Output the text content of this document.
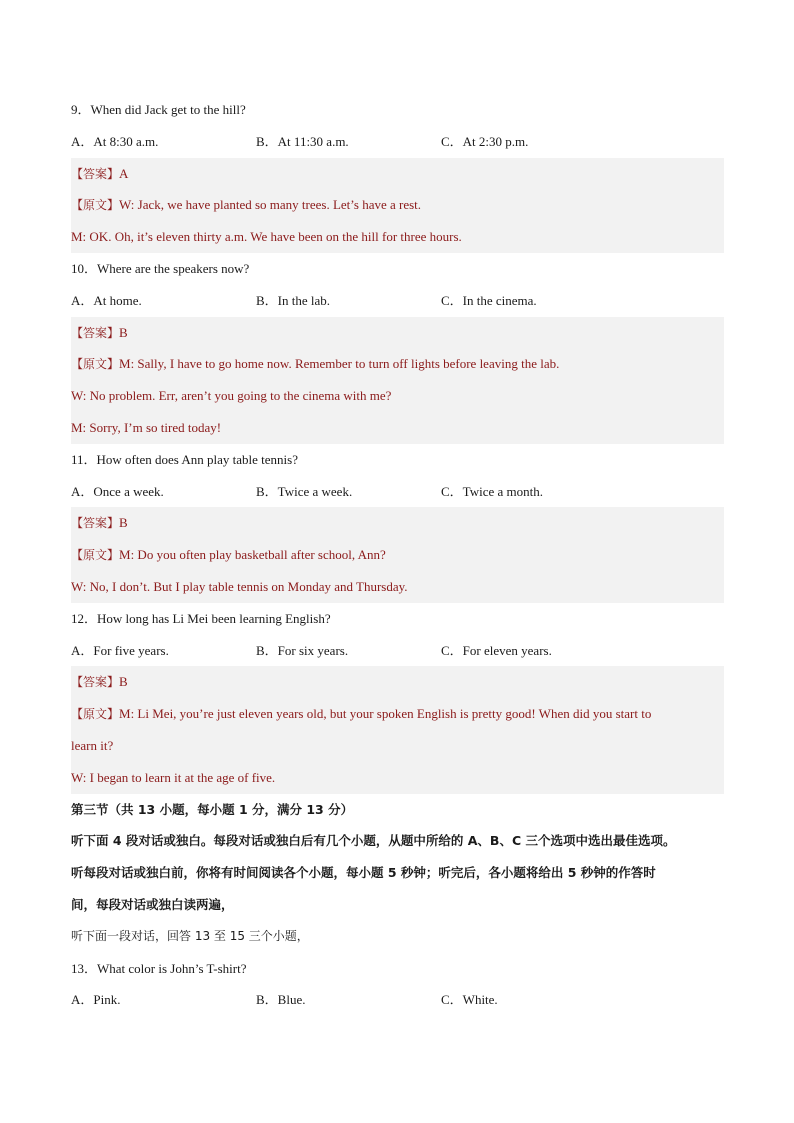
9．When did Jack get to the hill?
A．At 8:30 a.m.	B．At 11:30 a.m.	C．At 2:30 p.m.
【答案】A
【原文】W: Jack, we have planted so many trees. Let’s have a rest.
M: OK. Oh, it’s eleven thirty a.m. We have been on the hill for three hours.
10．Where are the speakers now?
A．At home.	B．In the lab.	C．In the cinema.
【答案】B
【原文】M: Sally, I have to go home now. Remember to turn off lights before leaving the lab.
W: No problem. Err, aren’t you going to the cinema with me?
M: Sorry, I’m so tired today!
11．How often does Ann play table tennis?
A．Once a week.	B．Twice a week.	C．Twice a month.
【答案】B
【原文】M: Do you often play basketball after school, Ann?
W: No, I don’t. But I play table tennis on Monday and Thursday.
12．How long has Li Mei been learning English?
A．For five years.	B．For six years.	C．For eleven years.
【答案】B
【原文】M: Li Mei, you’re just eleven years old, but your spoken English is pretty good! When did you start to
learn it?
W: I began to learn it at the age of five.
第三节（共 13 小题，每小题 1 分，满分 13 分）
听下面 4 段对话或独白。每段对话或独白后有几个小题，从题中所给的 A、B、C 三个选项中选出最佳选项。
听每段对话或独白前，你将有时间阅读各个小题，每小题 5 秒钟；听完后，各小题将给出 5 秒钟的作答时
间，每段对话或独白读两遍，
听下面一段对话，回答 13 至 15 三个小题，
13．What color is John’s T-shirt?
A．Pink.	B．Blue.	C．White.
